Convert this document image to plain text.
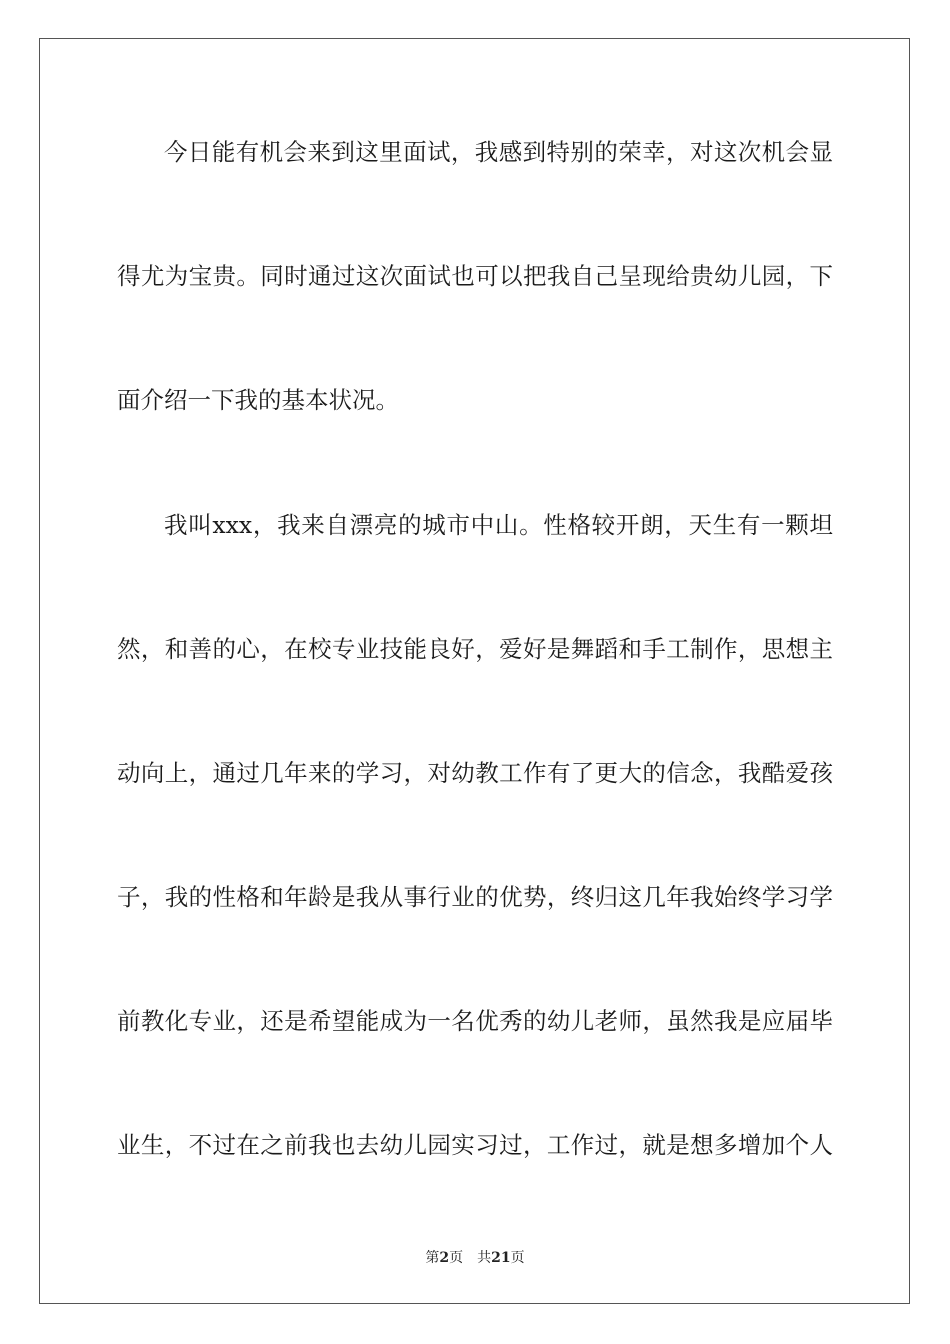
今日能有机会来到这里面试，我感到特别的荣幸，对这次机会显
得尤为宝贵。同时通过这次面试也可以把我自己呈现给贵幼儿园，下
面介绍一下我的基本状况。
我叫xxx，我来自漂亮的城市中山。性格较开朗，天生有一颗坦
然，和善的心，在校专业技能良好，爱好是舞蹈和手工制作，思想主
动向上，通过几年来的学习，对幼教工作有了更大的信念，我酷爱孩
子，我的性格和年龄是我从事行业的优势，终归这几年我始终学习学
前教化专业，还是希望能成为一名优秀的幼儿老师，虽然我是应届毕
业生，不过在之前我也去幼儿园实习过，工作过，就是想多增加个人
第2页 共21页
